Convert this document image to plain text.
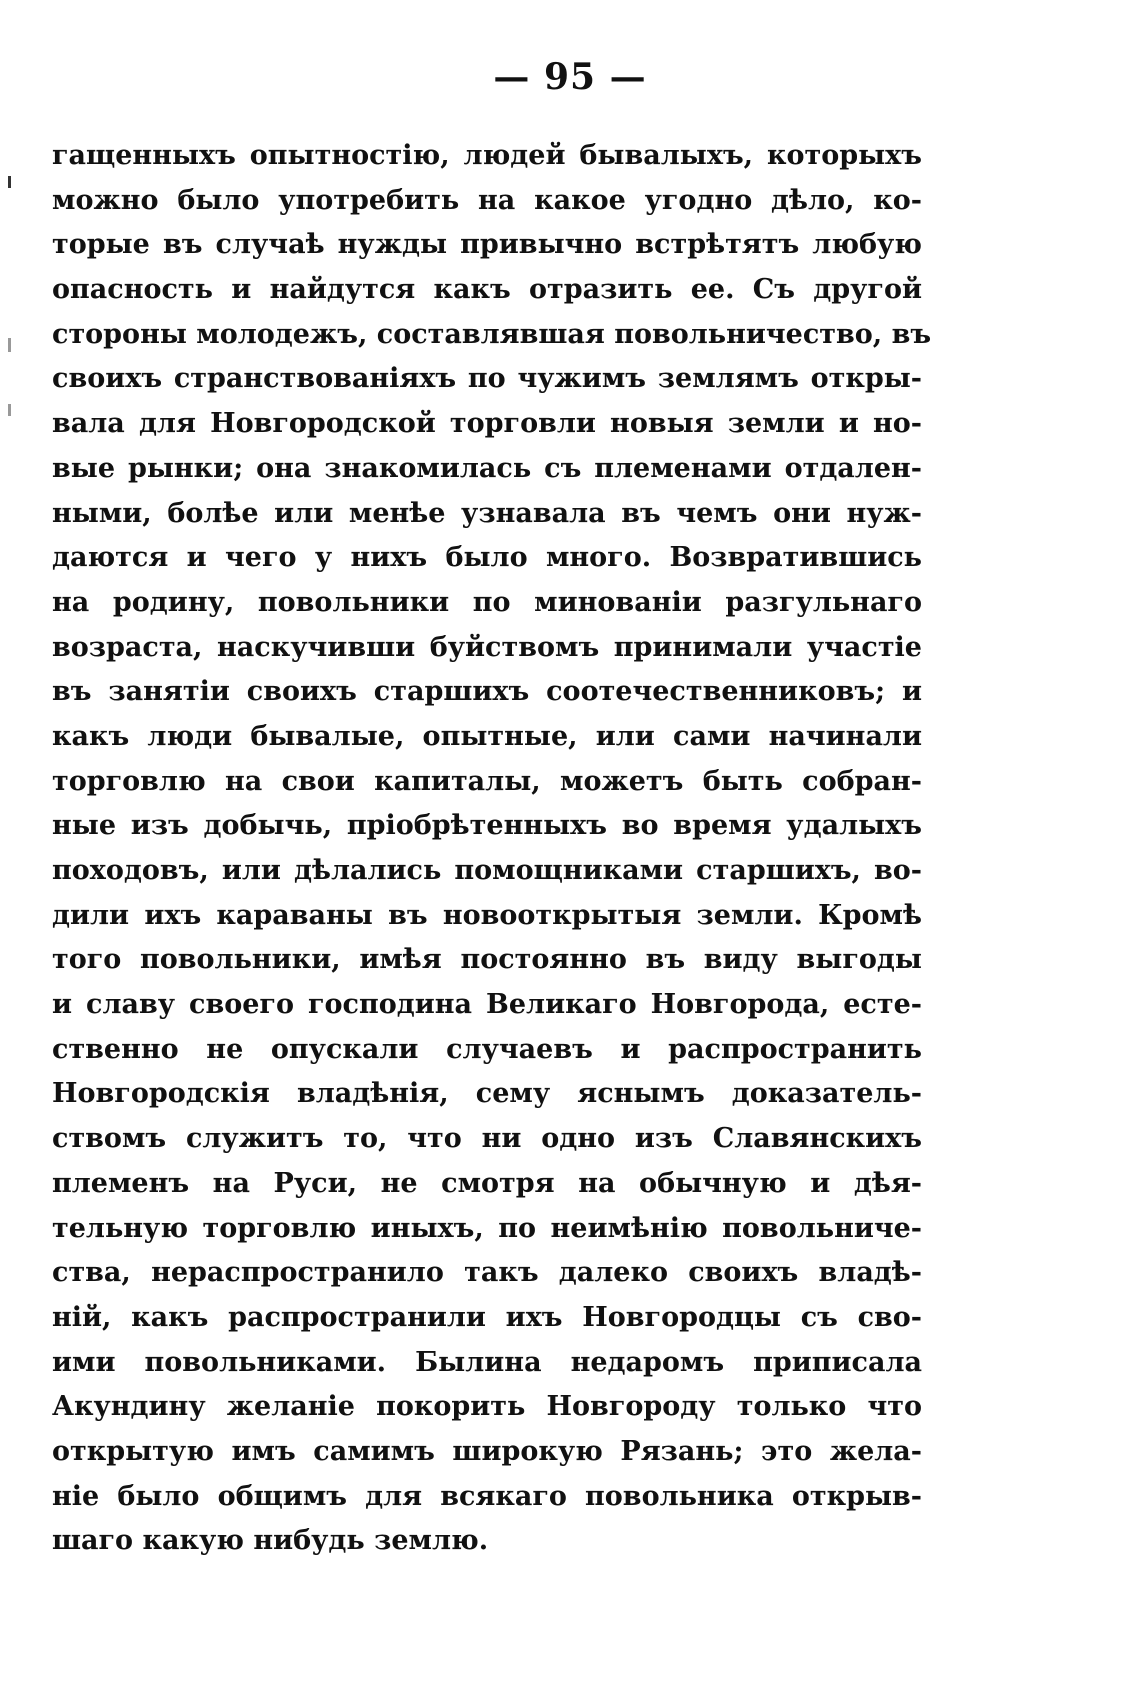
— 95 —
гащенныхъ опытностію, людей бывалыхъ, которыхъ
можно было употребить на какое угодно дѣло, ко-
торые въ случаѣ нужды привычно встрѣтятъ любую
опасность и найдутся какъ отразить ее. Съ другой
стороны молодежъ, составлявшая повольничество, въ
своихъ странствованіяхъ по чужимъ землямъ откры-
вала для Новгородской торговли новыя земли и но-
вые рынки; она знакомилась съ племенами отдален-
ными, болѣе или менѣе узнавала въ чемъ они нуж-
даются и чего у нихъ было много. Возвратившись
на родину, повольники по минованіи разгульнаго
возраста, наскучивши буйствомъ принимали участіе
въ занятіи своихъ старшихъ соотечественниковъ; и
какъ люди бывалые, опытные, или сами начинали
торговлю на свои капиталы, можетъ быть собран-
ные изъ добычь, пріобрѣтенныхъ во время удалыхъ
походовъ, или дѣлались помощниками старшихъ, во-
дили ихъ караваны въ новооткрытыя земли. Кромѣ
того повольники, имѣя постоянно въ виду выгоды
и славу своего господина Великаго Новгорода, есте-
ственно не опускали случаевъ и распространить
Новгородскія владѣнія, сему яснымъ доказатель-
ствомъ служитъ то, что ни одно изъ Славянскихъ
племенъ на Руси, не смотря на обычную и дѣя-
тельную торговлю иныхъ, по неимѣнію повольниче-
ства, нераспространило такъ далеко своихъ владѣ-
ній, какъ распространили ихъ Новгородцы съ сво-
ими повольниками. Былина недаромъ приписала
Акундину желаніе покорить Новгороду только что
открытую имъ самимъ широкую Рязань; это жела-
ніе было общимъ для всякаго повольника открыв-
шаго какую нибудь землю.
